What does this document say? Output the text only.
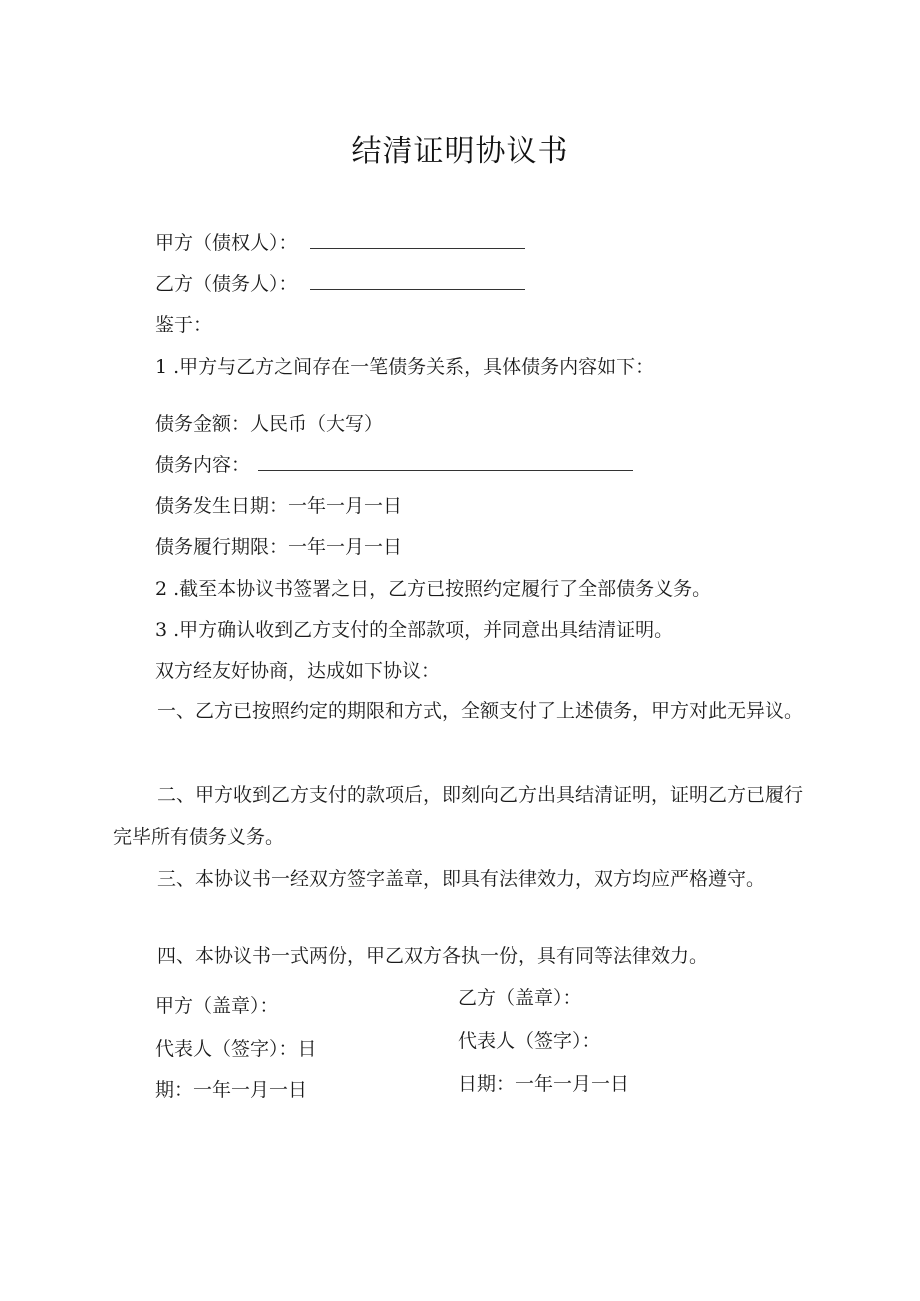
结清证明协议书
甲方（债权人）：
乙方（债务人）：
鉴于：
1 .甲方与乙方之间存在一笔债务关系，具体债务内容如下：
债务金额：人民币（大写）
债务内容：
债务发生日期：一年一月一日
债务履行期限：一年一月一日
2 .截至本协议书签署之日，乙方已按照约定履行了全部债务义务。
3 .甲方确认收到乙方支付的全部款项，并同意出具结清证明。
双方经友好协商，达成如下协议：
一、乙方已按照约定的期限和方式，全额支付了上述债务，甲方对此无异议。
二、甲方收到乙方支付的款项后，即刻向乙方出具结清证明，证明乙方已履行完毕所有债务义务。
三、本协议书一经双方签字盖章，即具有法律效力，双方均应严格遵守。
四、本协议书一式两份，甲乙双方各执一份，具有同等法律效力。
甲方（盖章）：
代表人（签字）：日
期：一年一月一日
乙方（盖章）：
代表人（签字）：
日期：一年一月一日
